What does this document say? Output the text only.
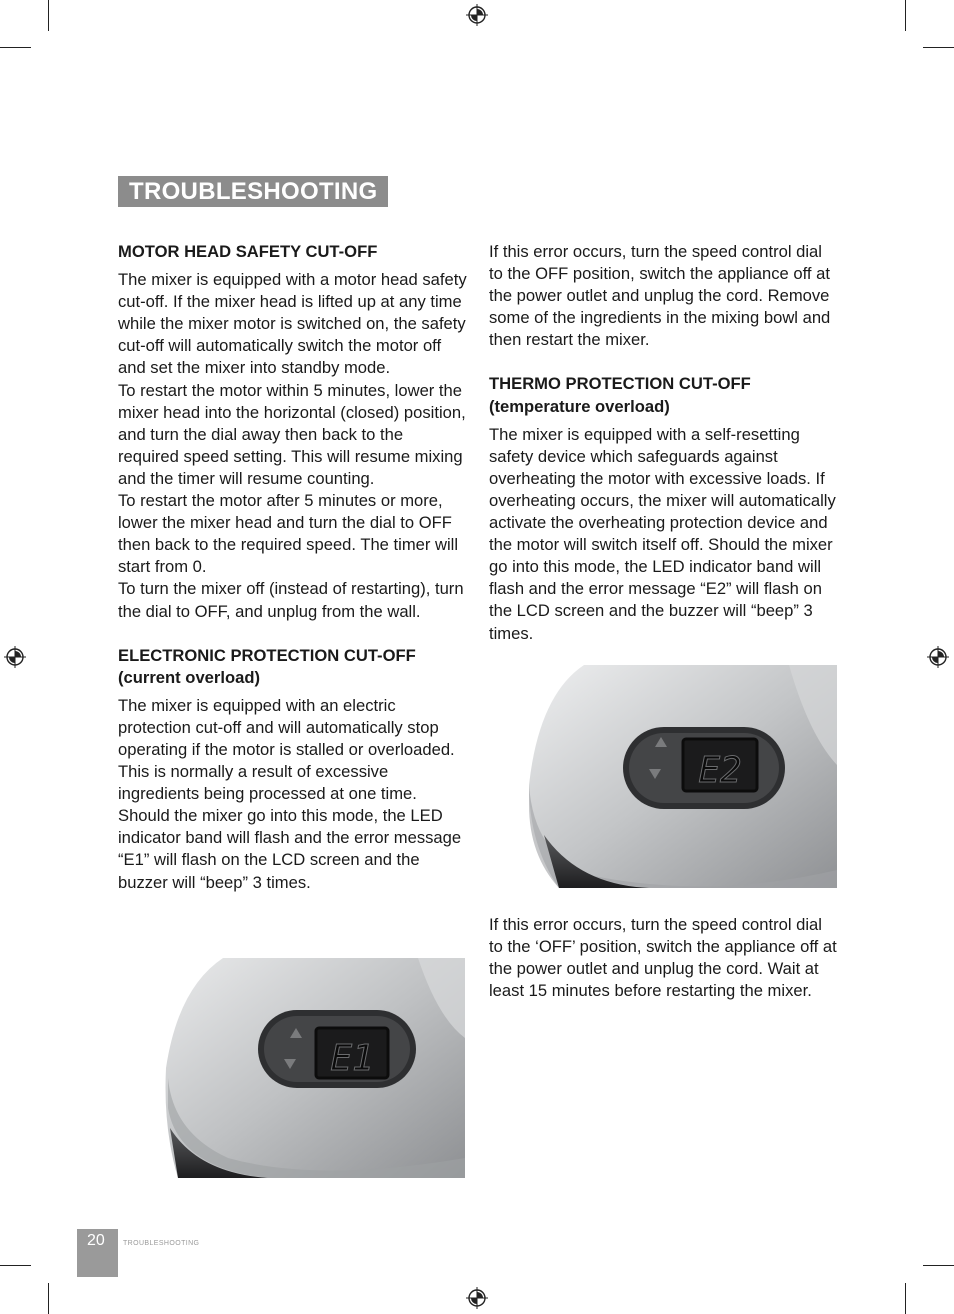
TROUBLESHOOTING
MOTOR HEAD SAFETY CUT-OFF

The mixer is equipped with a motor head safety cut-off. If the mixer head is lifted up at any time while the mixer motor is switched on, the safety cut-off will automatically switch the motor off and set the mixer into standby mode.

To restart the motor within 5 minutes, lower the mixer head into the horizontal (closed) position, and turn the dial away then back to the required speed setting. This will resume mixing and the timer will resume counting.

To restart the motor after 5 minutes or more, lower the mixer head and turn the dial to OFF then back to the required speed. The timer will start from 0.

To turn the mixer off (instead of restarting), turn the dial to OFF, and unplug from the wall.

ELECTRONIC PROTECTION CUT-OFF
(current overload)

The mixer is equipped with an electric protection cut-off and will automatically stop operating if the motor is stalled or overloaded. This is normally a result of excessive ingredients being processed at one time. Should the mixer go into this mode, the LED indicator band will flash and the error message “E1” will flash on the LCD screen and the buzzer will “beep” 3 times.

If this error occurs, turn the speed control dial to the OFF position, switch the appliance off at the power outlet and unplug the cord. Remove some of the ingredients in the mixing bowl and then restart the mixer.

THERMO PROTECTION CUT-OFF
(temperature overload)

The mixer is equipped with a self-resetting safety device which safeguards against overheating the motor with excessive loads. If overheating occurs, the mixer will automatically activate the overheating protection device and the motor will switch itself off. Should the mixer go into this mode, the LED indicator band will flash and the error message “E2” will flash on the LCD screen and the buzzer will “beep” 3 times.

If this error occurs, turn the speed control dial to the ‘OFF’ position, switch the appliance off at the power outlet and unplug the cord. Wait at least 15 minutes before restarting the mixer.

E1
E2
20	TROUBLESHOOTING
